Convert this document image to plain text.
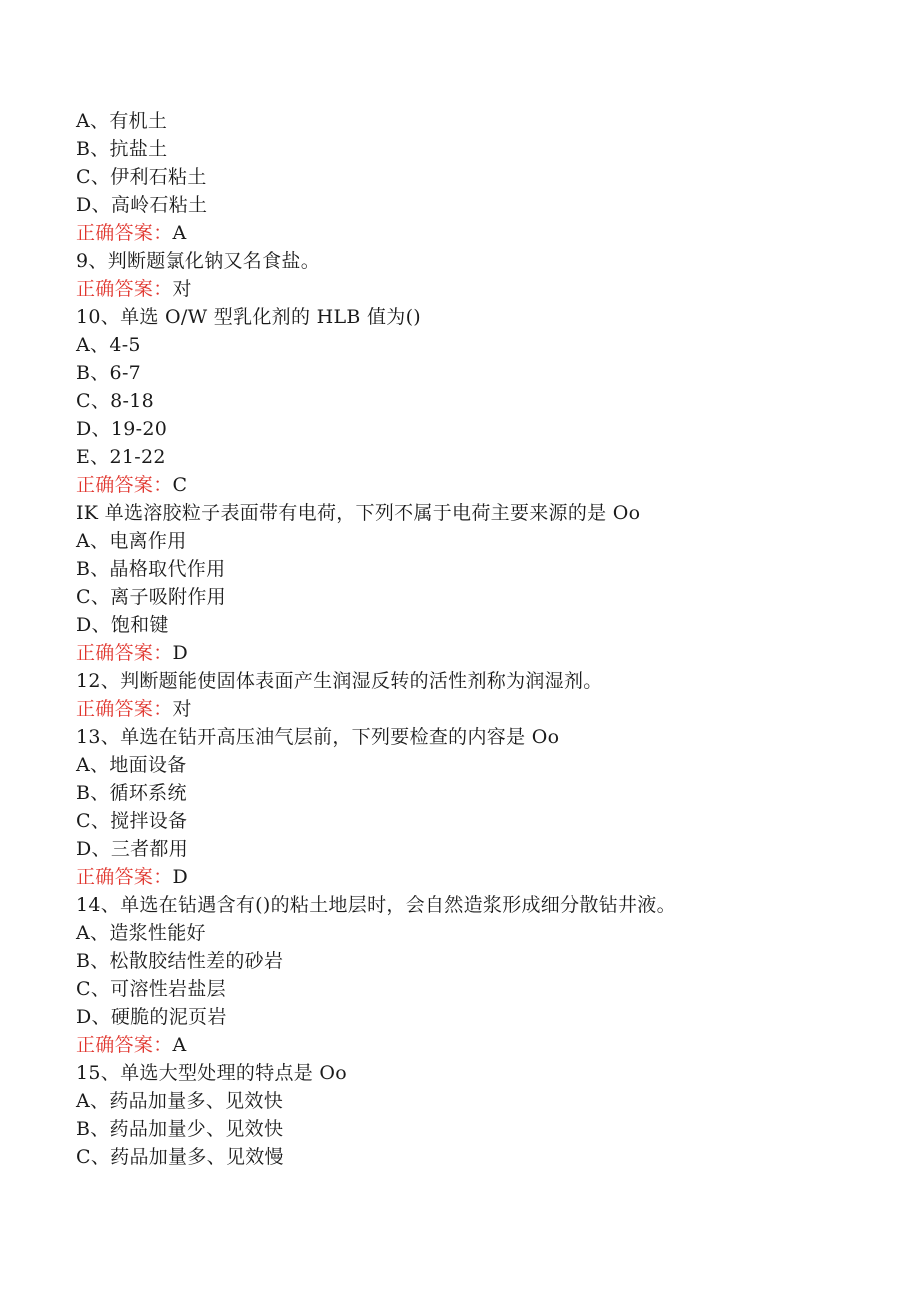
A、有机土
B、抗盐土
C、伊利石粘土
D、高岭石粘土
正确答案：A
9、判断题氯化钠又名食盐。
正确答案：对
10、单选 O/W 型乳化剂的 HLB 值为()
A、4-5
B、6-7
C、8-18
D、19-20
E、21-22
正确答案：C
IK 单选溶胶粒子表面带有电荷，下列不属于电荷主要来源的是 Oo
A、电离作用
B、晶格取代作用
C、离子吸附作用
D、饱和键
正确答案：D
12、判断题能使固体表面产生润湿反转的活性剂称为润湿剂。
正确答案：对
13、单选在钻开高压油气层前，下列要检查的内容是 Oo
A、地面设备
B、循环系统
C、搅拌设备
D、三者都用
正确答案：D
14、单选在钻遇含有()的粘土地层时，会自然造浆形成细分散钻井液。
A、造浆性能好
B、松散胶结性差的砂岩
C、可溶性岩盐层
D、硬脆的泥页岩
正确答案：A
15、单选大型处理的特点是 Oo
A、药品加量多、见效快
B、药品加量少、见效快
C、药品加量多、见效慢
